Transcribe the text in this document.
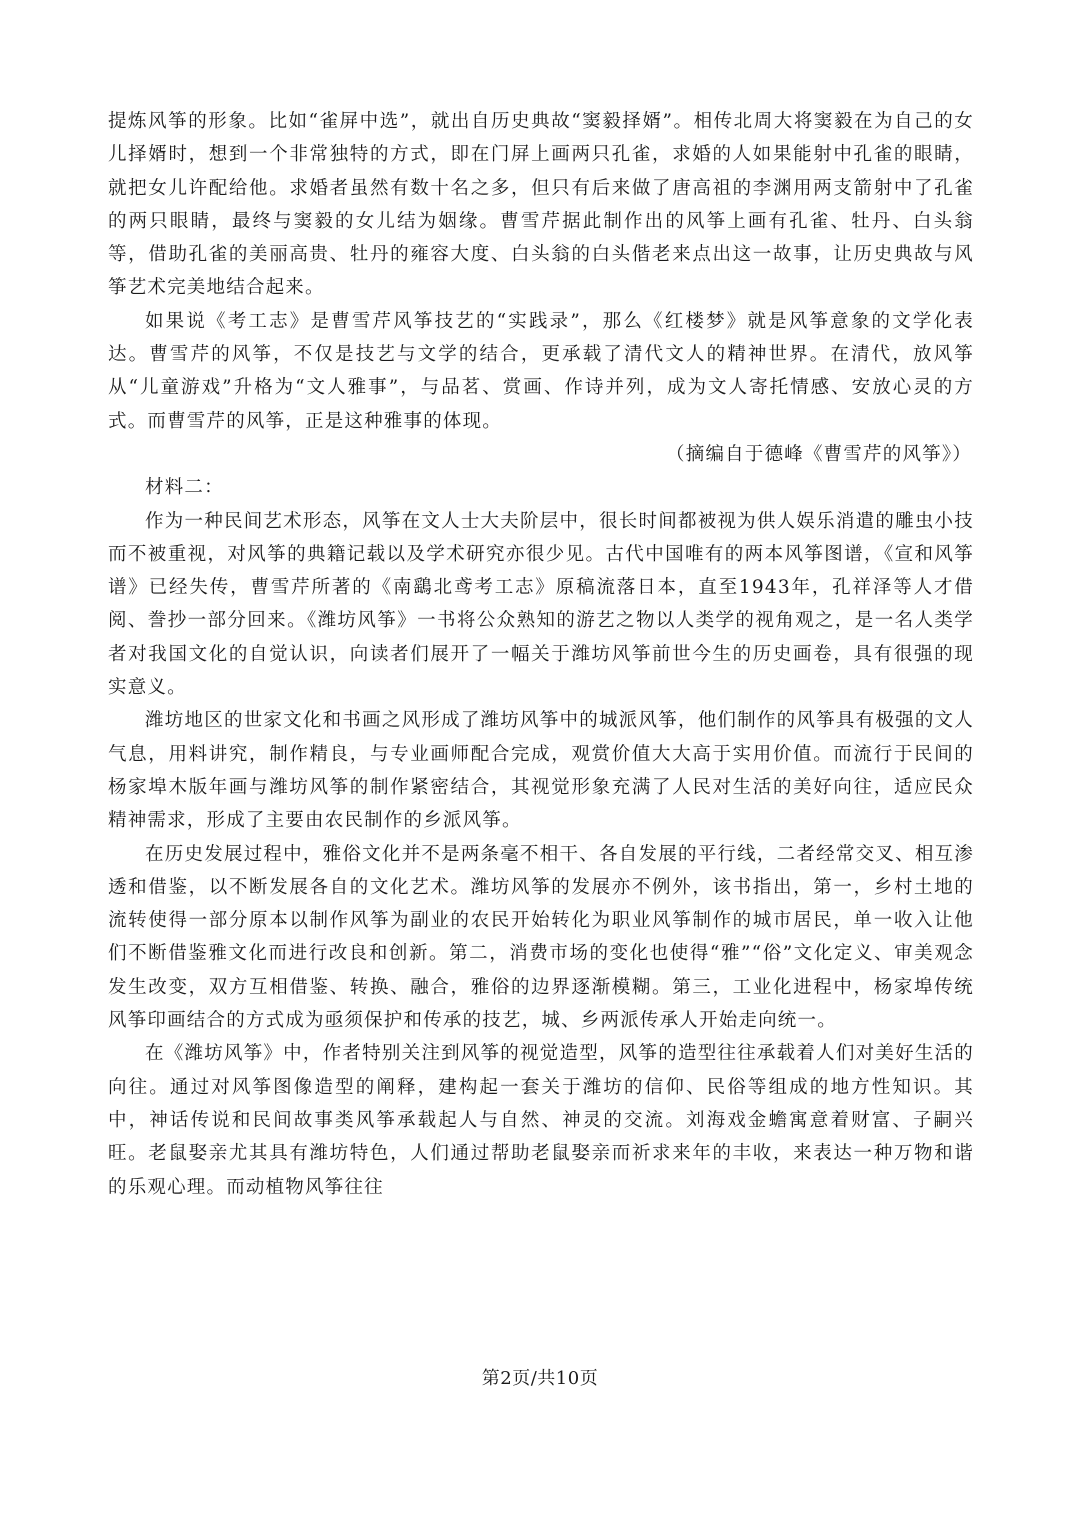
提炼风筝的形象。比如“雀屏中选”，就出自历史典故“窦毅择婿”。相传北周大将窦毅在为自己的女儿择婿时，想到一个非常独特的方式，即在门屏上画两只孔雀，求婚的人如果能射中孔雀的眼睛，就把女儿许配给他。求婚者虽然有数十名之多，但只有后来做了唐高祖的李渊用两支箭射中了孔雀的两只眼睛，最终与窦毅的女儿结为姻缘。曹雪芹据此制作出的风筝上画有孔雀、牡丹、白头翁等，借助孔雀的美丽高贵、牡丹的雍容大度、白头翁的白头偕老来点出这一故事，让历史典故与风筝艺术完美地结合起来。

如果说《考工志》是曹雪芹风筝技艺的“实践录”，那么《红楼梦》就是风筝意象的文学化表达。曹雪芹的风筝，不仅是技艺与文学的结合，更承载了清代文人的精神世界。在清代，放风筝从“儿童游戏”升格为“文人雅事”，与品茗、赏画、作诗并列，成为文人寄托情感、安放心灵的方式。而曹雪芹的风筝，正是这种雅事的体现。

（摘编自于德峰《曹雪芹的风筝》）

材料二：

作为一种民间艺术形态，风筝在文人士大夫阶层中，很长时间都被视为供人娱乐消遣的雕虫小技而不被重视，对风筝的典籍记载以及学术研究亦很少见。古代中国唯有的两本风筝图谱，《宣和风筝谱》已经失传，曹雪芹所著的《南鷂北鸢考工志》原稿流落日本，直至1943年，孔祥泽等人才借阅、誊抄一部分回来。《潍坊风筝》一书将公众熟知的游艺之物以人类学的视角观之，是一名人类学者对我国文化的自觉认识，向读者们展开了一幅关于潍坊风筝前世今生的历史画卷，具有很强的现实意义。

潍坊地区的世家文化和书画之风形成了潍坊风筝中的城派风筝，他们制作的风筝具有极强的文人气息，用料讲究，制作精良，与专业画师配合完成，观赏价值大大高于实用价值。而流行于民间的杨家埠木版年画与潍坊风筝的制作紧密结合，其视觉形象充满了人民对生活的美好向往，适应民众精神需求，形成了主要由农民制作的乡派风筝。

在历史发展过程中，雅俗文化并不是两条毫不相干、各自发展的平行线，二者经常交叉、相互渗透和借鉴，以不断发展各自的文化艺术。潍坊风筝的发展亦不例外，该书指出，第一，乡村土地的流转使得一部分原本以制作风筝为副业的农民开始转化为职业风筝制作的城市居民，单一收入让他们不断借鉴雅文化而进行改良和创新。第二，消费市场的变化也使得“雅”“俗”文化定义、审美观念发生改变，双方互相借鉴、转换、融合，雅俗的边界逐渐模糊。第三，工业化进程中，杨家埠传统风筝印画结合的方式成为亟须保护和传承的技艺，城、乡两派传承人开始走向统一。

在《潍坊风筝》中，作者特别关注到风筝的视觉造型，风筝的造型往往承载着人们对美好生活的向往。通过对风筝图像造型的阐释，建构起一套关于潍坊的信仰、民俗等组成的地方性知识。其中，神话传说和民间故事类风筝承载起人与自然、神灵的交流。刘海戏金蟾寓意着财富、子嗣兴旺。老鼠娶亲尤其具有潍坊特色，人们通过帮助老鼠娶亲而祈求来年的丰收，来表达一种万物和谐的乐观心理。而动植物风筝往往

第2页/共10页
